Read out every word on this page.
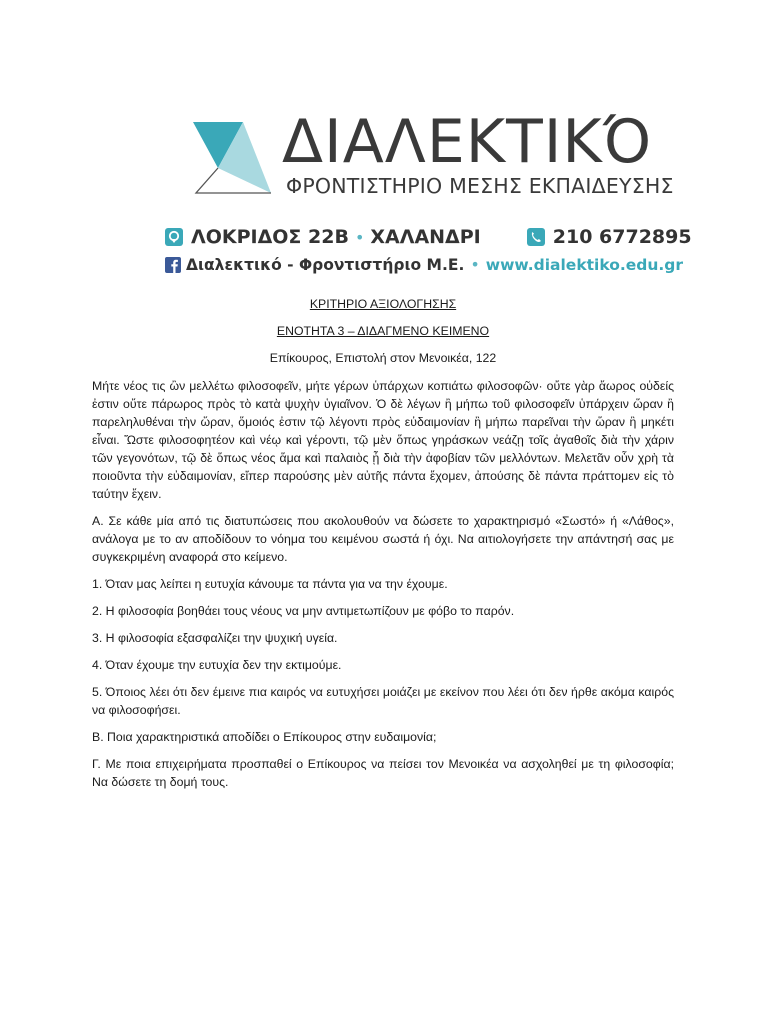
ΔΙΑΛΕΚΤΙΚΌ
ΦΡΟΝΤΙΣΤΗΡΙΟ ΜΕΣΗΣ ΕΚΠΑΙΔΕΥΣΗΣ
ΛΟΚΡΙΔΟΣ 22Β • ΧΑΛΑΝΔΡΙ	210 6772895
Διαλεκτικό - Φροντιστήριο Μ.Ε. • www.dialektiko.edu.gr
ΚΡΙΤΗΡΙΟ ΑΞΙΟΛΟΓΗΣΗΣ
ΕΝΟΤΗΤΑ 3 – ΔΙΔΑΓΜΕΝΟ ΚΕΙΜΕΝΟ
Επίκουρος, Επιστολή στον Μενοικέα, 122

Μήτε νέος τις ὢν μελλέτω φιλοσοφεῖν, μήτε γέρων ὑπάρχων κοπιάτω φιλοσοφῶν· οὔτε γὰρ ἄωρος οὐδείς ἐστιν οὔτε πάρωρος πρὸς τὸ κατὰ ψυχὴν ὑγιαῖνον. Ὁ δὲ λέγων ἢ μήπω τοῦ φιλοσοφεῖν ὑπάρχειν ὥραν ἢ παρεληλυθέναι τὴν ὥραν, ὅμοιός ἐστιν τῷ λέγοντι πρὸς εὐδαιμονίαν ἢ μήπω παρεῖναι τὴν ὥραν ἢ μηκέτι εἶναι. Ὥστε φιλοσοφητέον καὶ νέῳ καὶ γέροντι, τῷ μὲν ὅπως γηράσκων νεάζῃ τοῖς ἀγαθοῖς διὰ τὴν χάριν τῶν γεγονότων, τῷ δὲ ὅπως νέος ἅμα καὶ παλαιὸς ᾖ διὰ τὴν ἀφοβίαν τῶν μελλόντων. Μελετᾶν οὖν χρὴ τὰ ποιοῦντα τὴν εὐδαιμονίαν, εἴπερ παρούσης μὲν αὐτῆς πάντα ἔχομεν, ἀπούσης δὲ πάντα πράττομεν εἰς τὸ ταύτην ἔχειν.

Α. Σε κάθε μία από τις διατυπώσεις που ακολουθούν να δώσετε το χαρακτηρισμό «Σωστό» ή «Λάθος», ανάλογα με το αν αποδίδουν το νόημα του κειμένου σωστά ή όχι. Να αιτιολογήσετε την απάντησή σας με συγκεκριμένη αναφορά στο κείμενο.

1. Όταν μας λείπει η ευτυχία κάνουμε τα πάντα για να την έχουμε.

2. Η φιλοσοφία βοηθάει τους νέους να μην αντιμετωπίζουν με φόβο το παρόν.

3. Η φιλοσοφία εξασφαλίζει την ψυχική υγεία.

4. Όταν έχουμε την ευτυχία δεν την εκτιμούμε.

5. Όποιος λέει ότι δεν έμεινε πια καιρός να ευτυχήσει μοιάζει με εκείνον που λέει ότι δεν ήρθε ακόμα καιρός να φιλοσοφήσει.

Β. Ποια χαρακτηριστικά αποδίδει ο Επίκουρος στην ευδαιμονία;

Γ. Με ποια επιχειρήματα προσπαθεί ο Επίκουρος να πείσει τον Μενοικέα να ασχοληθεί με τη φιλοσοφία; Να δώσετε τη δομή τους.
